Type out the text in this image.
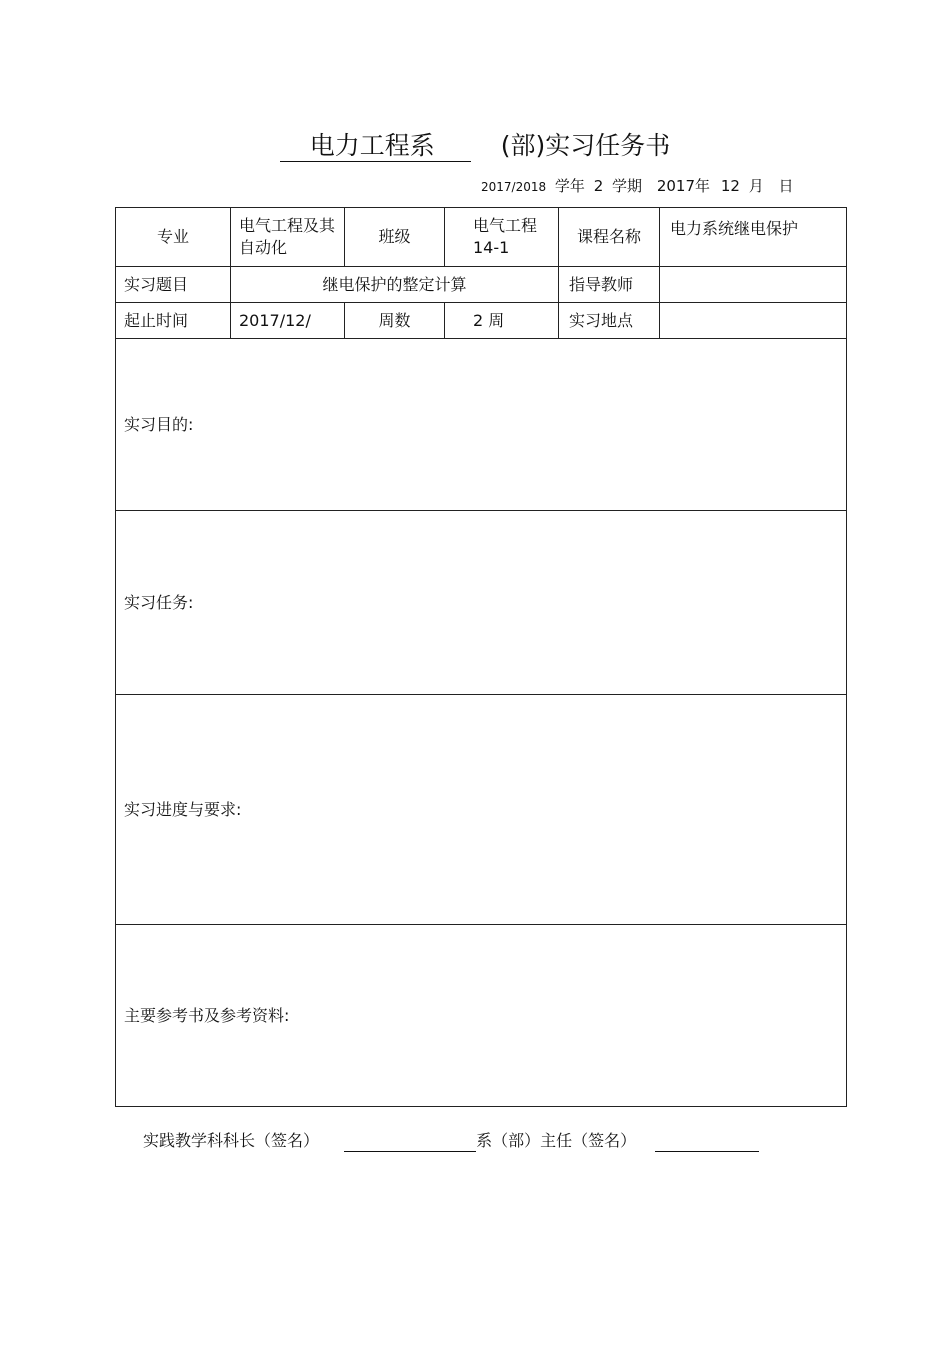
电力工程系	(部)实习任务书
2017/2018 学年 2 学期 2017年 12 月 日
专业	电气工程及其自动化	班级	电气工程14-1	课程名称	电力系统继电保护
实习题目	继电保护的整定计算			指导教师	
起止时间	2017/12/	周数	2 周	实习地点	
实习目的:					
实习任务:					
实习进度与要求:					
主要参考书及参考资料:					
实践教学科科长（签名）	系（部）主任（签名）
